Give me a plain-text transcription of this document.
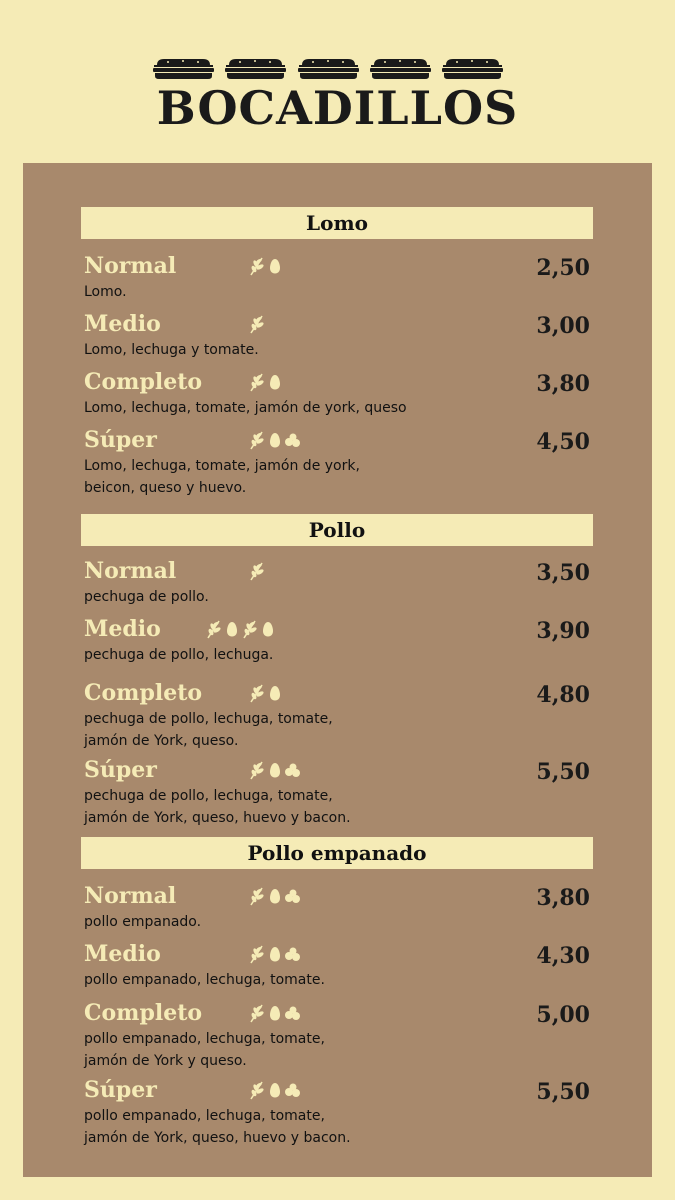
BOCADILLOS
Lomo
Normal	2,50
Lomo.
Medio	3,00
Lomo, lechuga y tomate.
Completo	3,80
Lomo, lechuga, tomate, jamón de york, queso
Súper	4,50
Lomo, lechuga, tomate, jamón de york,
beicon, queso y huevo.
Pollo
Normal	3,50
pechuga de pollo.
Medio	3,90
pechuga de pollo, lechuga.
Completo	4,80
pechuga de pollo, lechuga, tomate,
jamón de York, queso.
Súper	5,50
pechuga de pollo, lechuga, tomate,
jamón de York, queso, huevo y bacon.
Pollo empanado
Normal	3,80
pollo empanado.
Medio	4,30
pollo empanado, lechuga, tomate.
Completo	5,00
pollo empanado, lechuga, tomate,
jamón de York y queso.
Súper	5,50
pollo empanado, lechuga, tomate,
jamón de York, queso, huevo y bacon.
